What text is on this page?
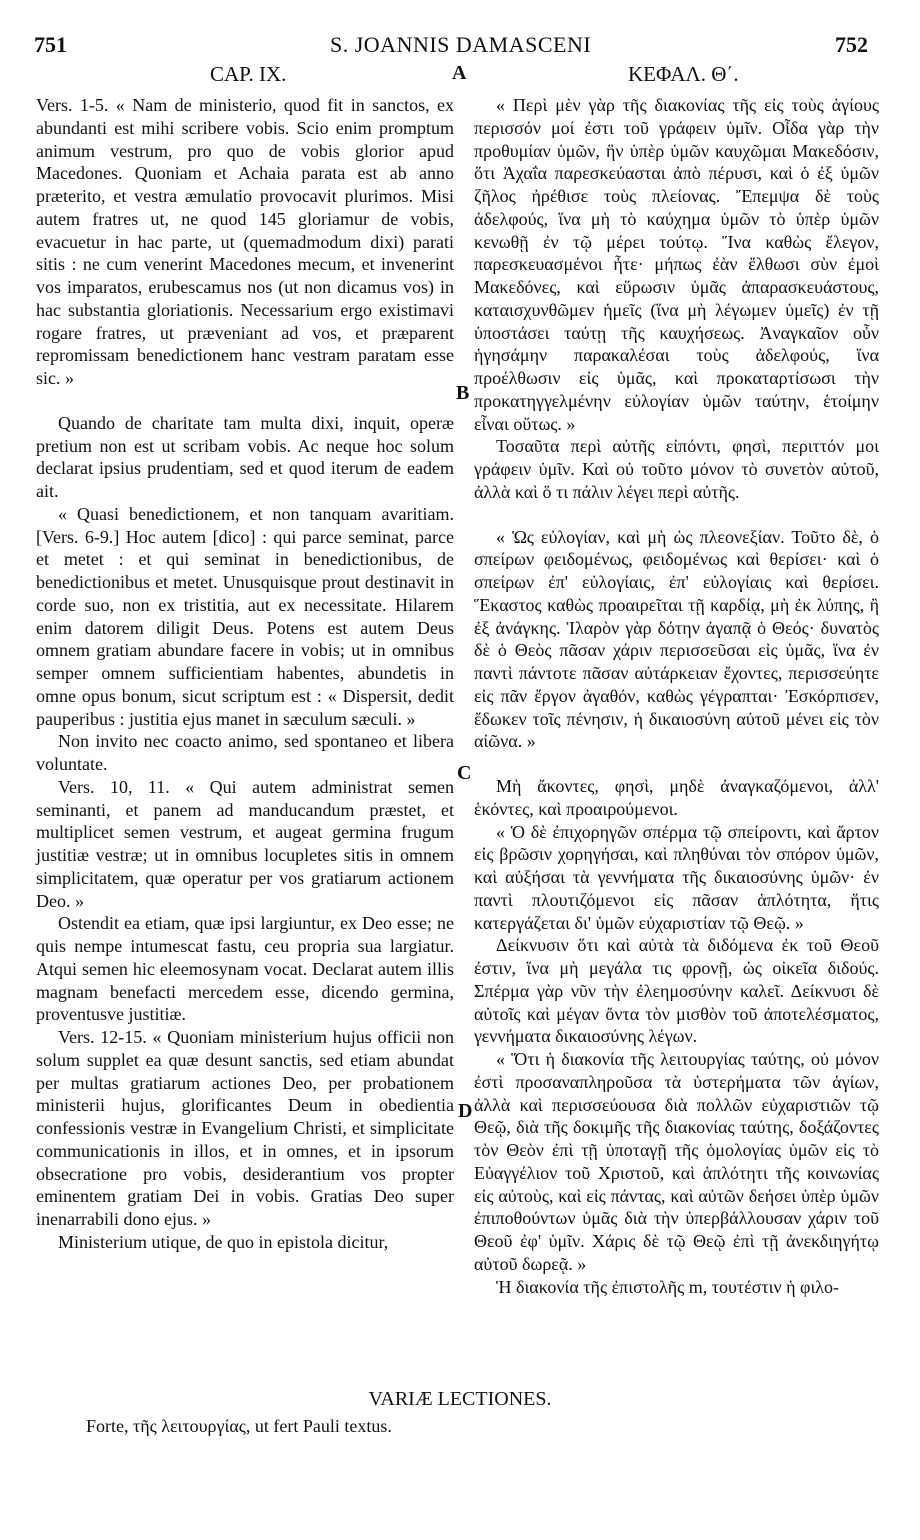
751	S. JOANNIS DAMASCENI	752
CAP. IX.	ΚΕΦΑΛ. Θ΄.
A
B
C
D

Vers. 1-5. « Nam de ministerio, quod fit in sanctos, ex abundanti est mihi scribere vobis. Scio enim promptum animum vestrum, pro quo de vobis glorior apud Macedones. Quoniam et Achaia parata est ab anno præterito, et vestra æmulatio provocavit plurimos. Misi autem fratres ut, ne quod 145 gloriamur de vobis, evacuetur in hac parte, ut (quemadmodum dixi) parati sitis : ne cum venerint Macedones mecum, et invenerint vos imparatos, erubescamus nos (ut non dicamus vos) in hac substantia gloriationis. Necessarium ergo existimavi rogare fratres, ut præveniant ad vos, et præparent repromissam benedictionem hanc vestram paratam esse sic. »

Quando de charitate tam multa dixi, inquit, operæ pretium non est ut scribam vobis. Ac neque hoc solum declarat ipsius prudentiam, sed et quod iterum de eadem ait.

« Quasi benedictionem, et non tanquam avaritiam. [Vers. 6-9.] Hoc autem [dico] : qui parce seminat, parce et metet : et qui seminat in benedictionibus, de benedictionibus et metet. Unusquisque prout destinavit in corde suo, non ex tristitia, aut ex necessitate. Hilarem enim datorem diligit Deus. Potens est autem Deus omnem gratiam abundare facere in vobis; ut in omnibus semper omnem sufficientiam habentes, abundetis in omne opus bonum, sicut scriptum est : « Dispersit, dedit pauperibus : justitia ejus manet in sæculum sæculi. »

Non invito nec coacto animo, sed spontaneo et libera voluntate.

Vers. 10, 11. « Qui autem administrat semen seminanti, et panem ad manducandum præstet, et multiplicet semen vestrum, et augeat germina frugum justitiæ vestræ; ut in omnibus locupletes sitis in omnem simplicitatem, quæ operatur per vos gratiarum actionem Deo. »

Ostendit ea etiam, quæ ipsi largiuntur, ex Deo esse; ne quis nempe intumescat fastu, ceu propria sua largiatur. Atqui semen hic eleemosynam vocat. Declarat autem illis magnam benefacti mercedem esse, dicendo germina, proventusve justitiæ.

Vers. 12-15. « Quoniam ministerium hujus officii non solum supplet ea quæ desunt sanctis, sed etiam abundat per multas gratiarum actiones Deo, per probationem ministerii hujus, glorificantes Deum in obedientia confessionis vestræ in Evangelium Christi, et simplicitate communicationis in illos, et in omnes, et in ipsorum obsecratione pro vobis, desiderantium vos propter eminentem gratiam Dei in vobis. Gratias Deo super inenarrabili dono ejus. »

Ministerium utique, de quo in epistola dicitur,

« Περὶ μὲν γὰρ τῆς διακονίας τῆς εἰς τοὺς ἁγίους περισσόν μοί ἐστι τοῦ γράφειν ὑμῖν. Οἶδα γὰρ τὴν προθυμίαν ὑμῶν, ἣν ὑπὲρ ὑμῶν καυχῶμαι Μακεδόσιν, ὅτι Ἀχαΐα παρεσκεύασται ἀπὸ πέρυσι, καὶ ὁ ἐξ ὑμῶν ζῆλος ἠρέθισε τοὺς πλείονας. Ἔπεμψα δὲ τοὺς ἀδελφούς, ἵνα μὴ τὸ καύχημα ὑμῶν τὸ ὑπὲρ ὑμῶν κενωθῇ ἐν τῷ μέρει τούτῳ. Ἵνα καθὼς ἔλεγον, παρεσκευασμένοι ἦτε· μήπως ἐὰν ἔλθωσι σὺν ἐμοὶ Μακεδόνες, καὶ εὕρωσιν ὑμᾶς ἀπαρασκευάστους, καταισχυνθῶμεν ἡμεῖς (ἵνα μὴ λέγωμεν ὑμεῖς) ἐν τῇ ὑποστάσει ταύτῃ τῆς καυχήσεως. Ἀναγκαῖον οὖν ἡγησάμην παρακαλέσαι τοὺς ἀδελφούς, ἵνα προέλθωσιν εἰς ὑμᾶς, καὶ προκαταρτίσωσι τὴν προκατηγγελμένην εὐλογίαν ὑμῶν ταύτην, ἑτοίμην εἶναι οὕτως. »

Τοσαῦτα περὶ αὐτῆς εἰπόντι, φησὶ, περιττόν μοι γράφειν ὑμῖν. Καὶ οὐ τοῦτο μόνον τὸ συνετὸν αὐτοῦ, ἀλλὰ καὶ ὅ τι πάλιν λέγει περὶ αὐτῆς.

« Ὡς εὐλογίαν, καὶ μὴ ὡς πλεονεξίαν. Τοῦτο δὲ, ὁ σπείρων φειδομένως, φειδομένως καὶ θερίσει· καὶ ὁ σπείρων ἐπ' εὐλογίαις, ἐπ' εὐλογίαις καὶ θερίσει. Ἕκαστος καθὼς προαιρεῖται τῇ καρδίᾳ, μὴ ἐκ λύπης, ἢ ἐξ ἀνάγκης. Ἱλαρὸν γὰρ δότην ἀγαπᾷ ὁ Θεός· δυνατὸς δὲ ὁ Θεὸς πᾶσαν χάριν περισσεῦσαι εἰς ὑμᾶς, ἵνα ἐν παντὶ πάντοτε πᾶσαν αὐτάρκειαν ἔχοντες, περισσεύητε εἰς πᾶν ἔργον ἀγαθόν, καθὼς γέγραπται· Ἐσκόρπισεν, ἔδωκεν τοῖς πένησιν, ἡ δικαιοσύνη αὐτοῦ μένει εἰς τὸν αἰῶνα. »

Μὴ ἄκοντες, φησὶ, μηδὲ ἀναγκαζόμενοι, ἀλλ' ἑκόντες, καὶ προαιρούμενοι.

« Ὁ δὲ ἐπιχορηγῶν σπέρμα τῷ σπείροντι, καὶ ἄρτον εἰς βρῶσιν χορηγήσαι, καὶ πληθύναι τὸν σπόρον ὑμῶν, καὶ αὐξήσαι τὰ γεννήματα τῆς δικαιοσύνης ὑμῶν· ἐν παντὶ πλουτιζόμενοι εἰς πᾶσαν ἁπλότητα, ἥτις κατεργάζεται δι' ὑμῶν εὐχαριστίαν τῷ Θεῷ. »

Δείκνυσιν ὅτι καὶ αὐτὰ τὰ διδόμενα ἐκ τοῦ Θεοῦ ἐστιν, ἵνα μὴ μεγάλα τις φρονῇ, ὡς οἰκεῖα διδούς. Σπέρμα γὰρ νῦν τὴν ἐλεημοσύνην καλεῖ. Δείκνυσι δὲ αὐτοῖς καὶ μέγαν ὄντα τὸν μισθὸν τοῦ ἀποτελέσματος, γεννήματα δικαιοσύνης λέγων.

« Ὅτι ἡ διακονία τῆς λειτουργίας ταύτης, οὐ μόνον ἐστὶ προσαναπληροῦσα τὰ ὑστερήματα τῶν ἁγίων, ἀλλὰ καὶ περισσεύουσα διὰ πολλῶν εὐχαριστιῶν τῷ Θεῷ, διὰ τῆς δοκιμῆς τῆς διακονίας ταύτης, δοξάζοντες τὸν Θεὸν ἐπὶ τῇ ὑποταγῇ τῆς ὁμολογίας ὑμῶν εἰς τὸ Εὐαγγέλιον τοῦ Χριστοῦ, καὶ ἁπλότητι τῆς κοινωνίας εἰς αὐτοὺς, καὶ εἰς πάντας, καὶ αὐτῶν δεήσει ὑπὲρ ὑμῶν ἐπιποθούντων ὑμᾶς διὰ τὴν ὑπερβάλλουσαν χάριν τοῦ Θεοῦ ἐφ' ὑμῖν. Χάρις δὲ τῷ Θεῷ ἐπὶ τῇ ἀνεκδιηγήτῳ αὐτοῦ δωρεᾷ. »

Ἡ διακονία τῆς ἐπιστολῆς m, τουτέστιν ἡ φιλο-

VARIÆ LECTIONES.
Forte, τῆς λειτουργίας, ut fert Pauli textus.
